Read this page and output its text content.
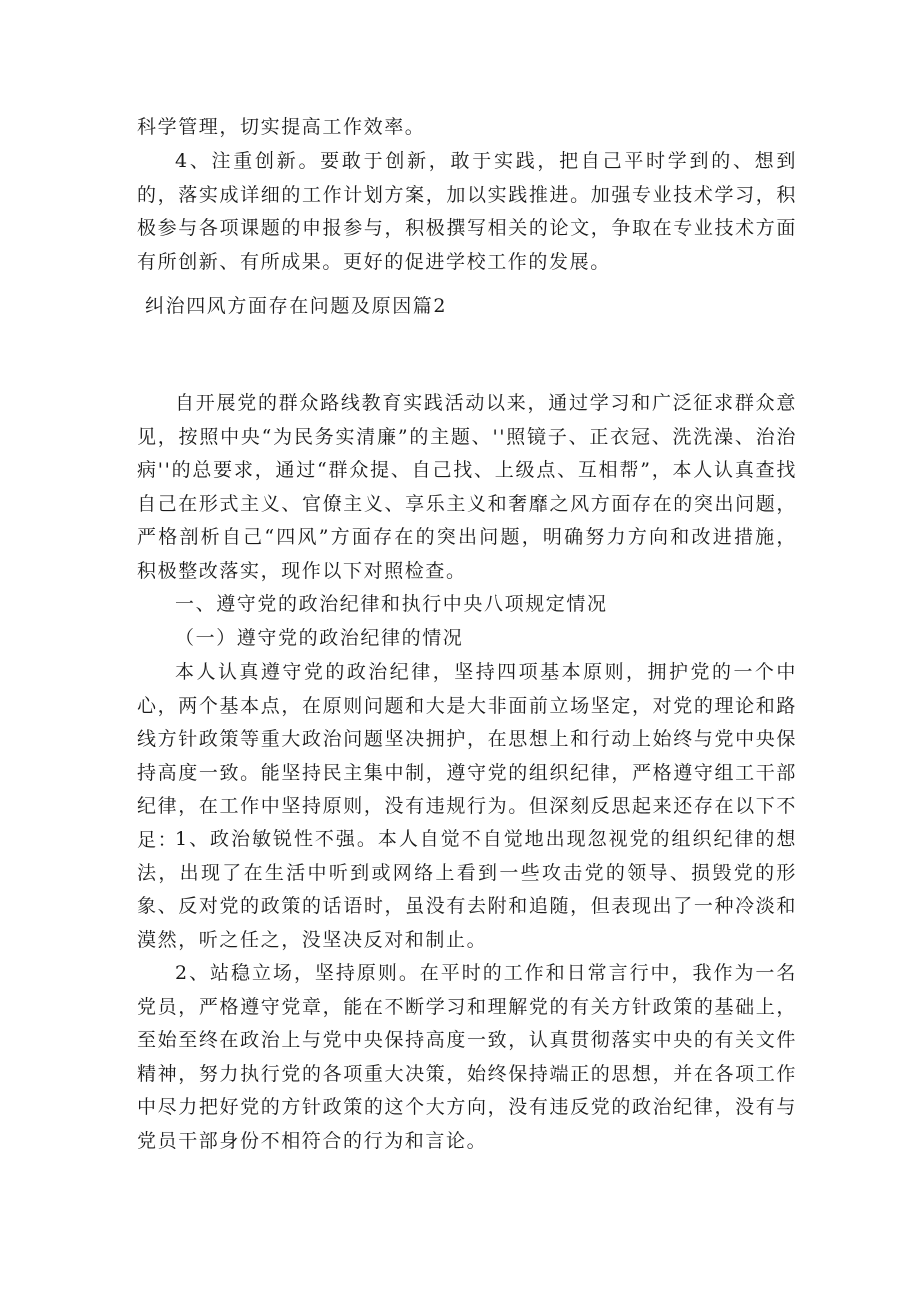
科学管理，切实提高工作效率。

4、注重创新。要敢于创新，敢于实践，把自己平时学到的、想到的，落实成详细的工作计划方案，加以实践推进。加强专业技术学习，积极参与各项课题的申报参与，积极撰写相关的论文，争取在专业技术方面有所创新、有所成果。更好的促进学校工作的发展。

纠治四风方面存在问题及原因篇2

自开展党的群众路线教育实践活动以来，通过学习和广泛征求群众意见，按照中央“为民务实清廉”的主题、''照镜子、正衣冠、洗洗澡、治治病''的总要求，通过“群众提、自己找、上级点、互相帮”，本人认真查找自己在形式主义、官僚主义、享乐主义和奢靡之风方面存在的突出问题，严格剖析自己“四风”方面存在的突出问题，明确努力方向和改进措施，积极整改落实，现作以下对照检查。

一、遵守党的政治纪律和执行中央八项规定情况

（一）遵守党的政治纪律的情况

本人认真遵守党的政治纪律，坚持四项基本原则，拥护党的一个中心，两个基本点，在原则问题和大是大非面前立场坚定，对党的理论和路线方针政策等重大政治问题坚决拥护，在思想上和行动上始终与党中央保持高度一致。能坚持民主集中制，遵守党的组织纪律，严格遵守组工干部纪律，在工作中坚持原则，没有违规行为。但深刻反思起来还存在以下不足：

1、政治敏锐性不强。本人自觉不自觉地出现忽视党的组织纪律的想法，出现了在生活中听到或网络上看到一些攻击党的领导、损毁党的形象、反对党的政策的话语时，虽没有去附和追随，但表现出了一种冷淡和漠然，听之任之，没坚决反对和制止。

2、站稳立场，坚持原则。在平时的工作和日常言行中，我作为一名党员，严格遵守党章，能在不断学习和理解党的有关方针政策的基础上，至始至终在政治上与党中央保持高度一致，认真贯彻落实中央的有关文件精神，努力执行党的各项重大决策，始终保持端正的思想，并在各项工作中尽力把好党的方针政策的这个大方向，没有违反党的政治纪律，没有与党员干部身份不相符合的行为和言论。
